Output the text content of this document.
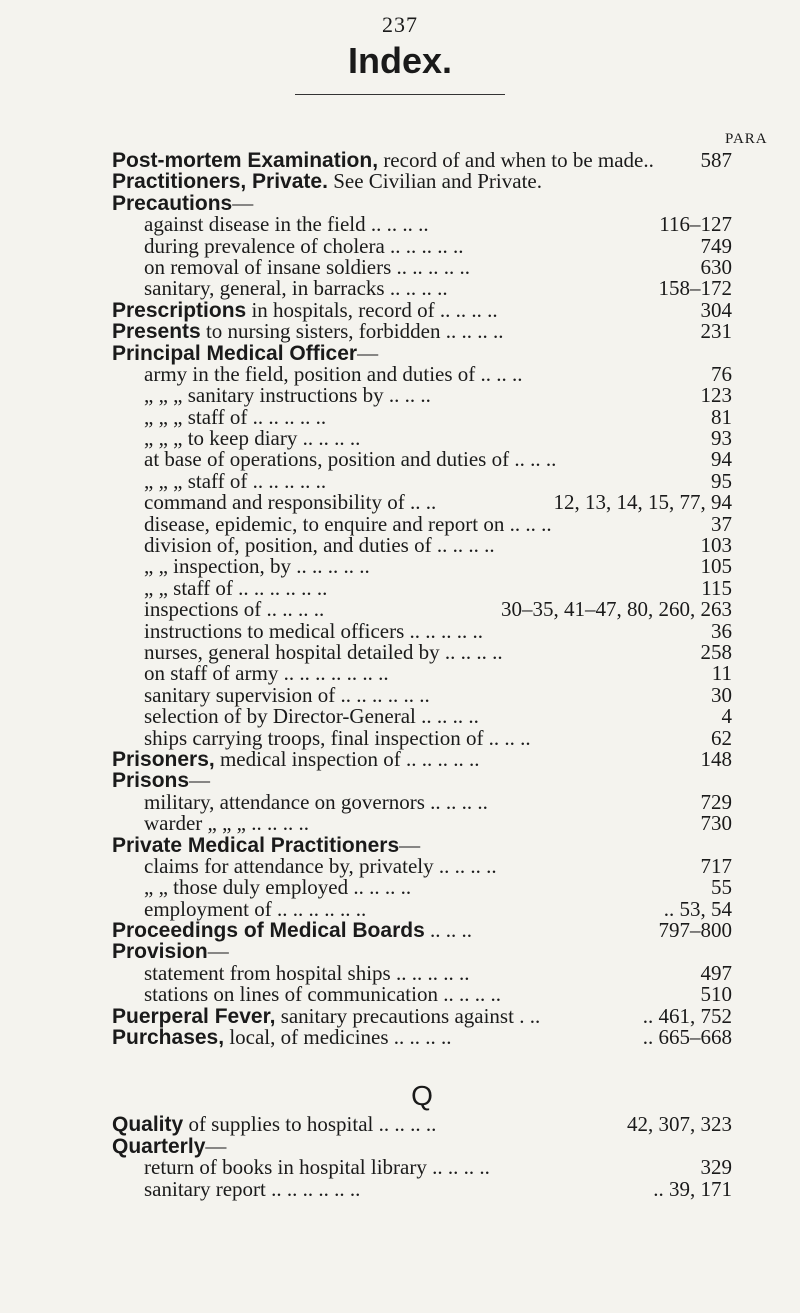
237
Index.
PARA
Post-mortem Examination, record of and when to be made.. 587
Practitioners, Private. See Civilian and Private.
Precautions—
against disease in the field .. .. .. ..	116–127
during prevalence of cholera .. .. .. .. ..	749
on removal of insane soldiers .. .. .. .. ..	630
sanitary, general, in barracks .. .. .. ..	158–172
Prescriptions in hospitals, record of .. .. .. ..	304
Presents to nursing sisters, forbidden .. .. .. ..	231
Principal Medical Officer—
army in the field, position and duties of .. .. ..	76
„ „ „ sanitary instructions by .. .. ..	123
„ „ „ staff of .. .. .. .. ..	81
„ „ „ to keep diary .. .. .. ..	93
at base of operations, position and duties of .. .. ..	94
„ „ „ staff of .. .. .. .. ..	95
command and responsibility of .. ..	12, 13, 14, 15, 77, 94
disease, epidemic, to enquire and report on .. .. ..	37
division of, position, and duties of .. .. .. ..	103
„ „ inspection, by .. .. .. .. ..	105
„ „ staff of .. .. .. .. .. ..	115
inspections of .. .. .. ..	30–35, 41–47, 80, 260, 263
instructions to medical officers .. .. .. .. ..	36
nurses, general hospital detailed by .. .. .. ..	258
on staff of army .. .. .. .. .. .. ..	11
sanitary supervision of .. .. .. .. .. ..	30
selection of by Director-General .. .. .. ..	4
ships carrying troops, final inspection of .. .. ..	62
Prisoners, medical inspection of .. .. .. .. ..	148
Prisons—
military, attendance on governors .. .. .. ..	729
warder „ „ „ .. .. .. ..	730
Private Medical Practitioners—
claims for attendance by, privately .. .. .. ..	717
„ „ those duly employed .. .. .. ..	55
employment of .. .. .. .. .. ..	.. 53, 54
Proceedings of Medical Boards .. .. ..	797–800
Provision—
statement from hospital ships .. .. .. .. ..	497
stations on lines of communication .. .. .. ..	510
Puerperal Fever, sanitary precautions against . ..	.. 461, 752
Purchases, local, of medicines .. .. .. ..	.. 665–668
Q
Quality of supplies to hospital .. .. .. ..	42, 307, 323
Quarterly—
return of books in hospital library .. .. .. ..	329
sanitary report .. .. .. .. .. ..	.. 39, 171
